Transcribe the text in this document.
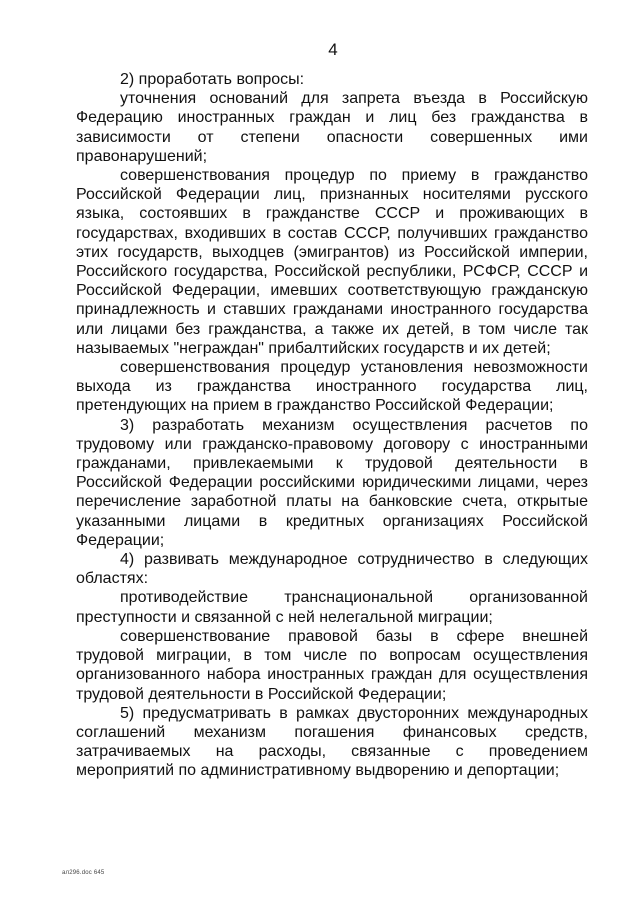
4

2) проработать вопросы:

уточнения оснований для запрета въезда в Российскую
Федерацию иностранных граждан и лиц без гражданства в
зависимости от степени опасности совершенных ими
правонарушений;

совершенствования процедур по приему в гражданство
Российской Федерации лиц, признанных носителями русского
языка, состоявших в гражданстве СССР и проживающих в
государствах, входивших в состав СССР, получивших гражданство
этих государств, выходцев (эмигрантов) из Российской империи,
Российского государства, Российской республики, РСФСР, СССР и
Российской Федерации, имевших соответствующую гражданскую
принадлежность и ставших гражданами иностранного государства
или лицами без гражданства, а также их детей, в том числе так
называемых "неграждан" прибалтийских государств и их детей;

совершенствования процедур установления невозможности
выхода из гражданства иностранного государства лиц,
претендующих на прием в гражданство Российской Федерации;

3) разработать механизм осуществления расчетов по
трудовому или гражданско-правовому договору с иностранными
гражданами, привлекаемыми к трудовой деятельности в
Российской Федерации российскими юридическими лицами, через
перечисление заработной платы на банковские счета, открытые
указанными лицами в кредитных организациях Российской
Федерации;

4) развивать международное сотрудничество в следующих
областях:

противодействие транснациональной организованной
преступности и связанной с ней нелегальной миграции;

совершенствование правовой базы в сфере внешней
трудовой миграции, в том числе по вопросам осуществления
организованного набора иностранных граждан для осуществления
трудовой деятельности в Российской Федерации;

5) предусматривать в рамках двусторонних международных
соглашений механизм погашения финансовых средств,
затрачиваемых на расходы, связанные с проведением
мероприятий по административному выдворению и депортации;

ал296.doc 645
